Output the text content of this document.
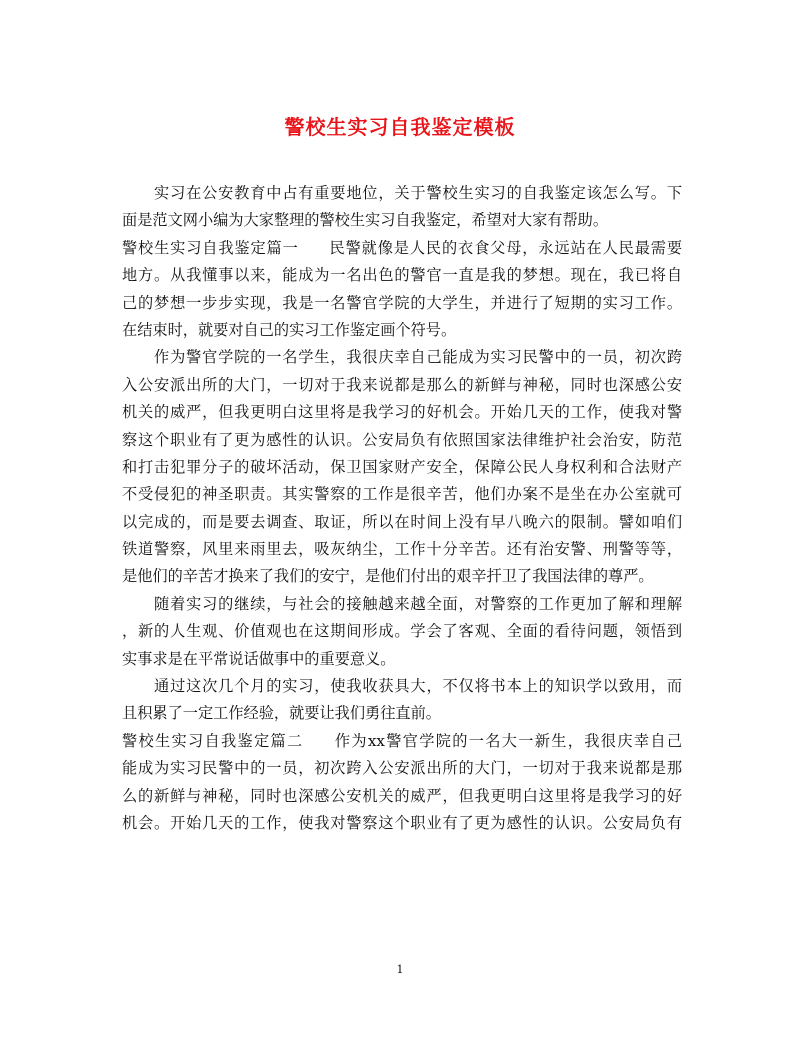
警校生实习自我鉴定模板
　　实习在公安教育中占有重要地位，关于警校生实习的自我鉴定该怎么写。下
面是范文网小编为大家整理的警校生实习自我鉴定，希望对大家有帮助。
警校生实习自我鉴定篇一 民警就像是人民的衣食父母，永远站在人民最需要
地方。从我懂事以来，能成为一名出色的警官一直是我的梦想。现在，我已将自
己的梦想一步步实现，我是一名警官学院的大学生，并进行了短期的实习工作。
在结束时，就要对自己的实习工作鉴定画个符号。
　　作为警官学院的一名学生，我很庆幸自己能成为实习民警中的一员，初次跨
入公安派出所的大门，一切对于我来说都是那么的新鲜与神秘，同时也深感公安
机关的威严，但我更明白这里将是我学习的好机会。开始几天的工作，使我对警
察这个职业有了更为感性的认识。公安局负有依照国家法律维护社会治安，防范
和打击犯罪分子的破坏活动，保卫国家财产安全，保障公民人身权利和合法财产
不受侵犯的神圣职责。其实警察的工作是很辛苦，他们办案不是坐在办公室就可
以完成的，而是要去调查、取证，所以在时间上没有早八晚六的限制。譬如咱们
铁道警察，风里来雨里去，吸灰纳尘，工作十分辛苦。还有治安警、刑警等等，
是他们的辛苦才换来了我们的安宁，是他们付出的艰辛扞卫了我国法律的尊严。
　　随着实习的继续，与社会的接触越来越全面，对警察的工作更加了解和理解
，新的人生观、价值观也在这期间形成。学会了客观、全面的看待问题，领悟到
实事求是在平常说话做事中的重要意义。
　　通过这次几个月的实习，使我收获具大，不仅将书本上的知识学以致用，而
且积累了一定工作经验，就要让我们勇往直前。
警校生实习自我鉴定篇二 作为xx警官学院的一名大一新生，我很庆幸自己
能成为实习民警中的一员，初次跨入公安派出所的大门，一切对于我来说都是那
么的新鲜与神秘，同时也深感公安机关的威严，但我更明白这里将是我学习的好
机会。开始几天的工作，使我对警察这个职业有了更为感性的认识。公安局负有
1
